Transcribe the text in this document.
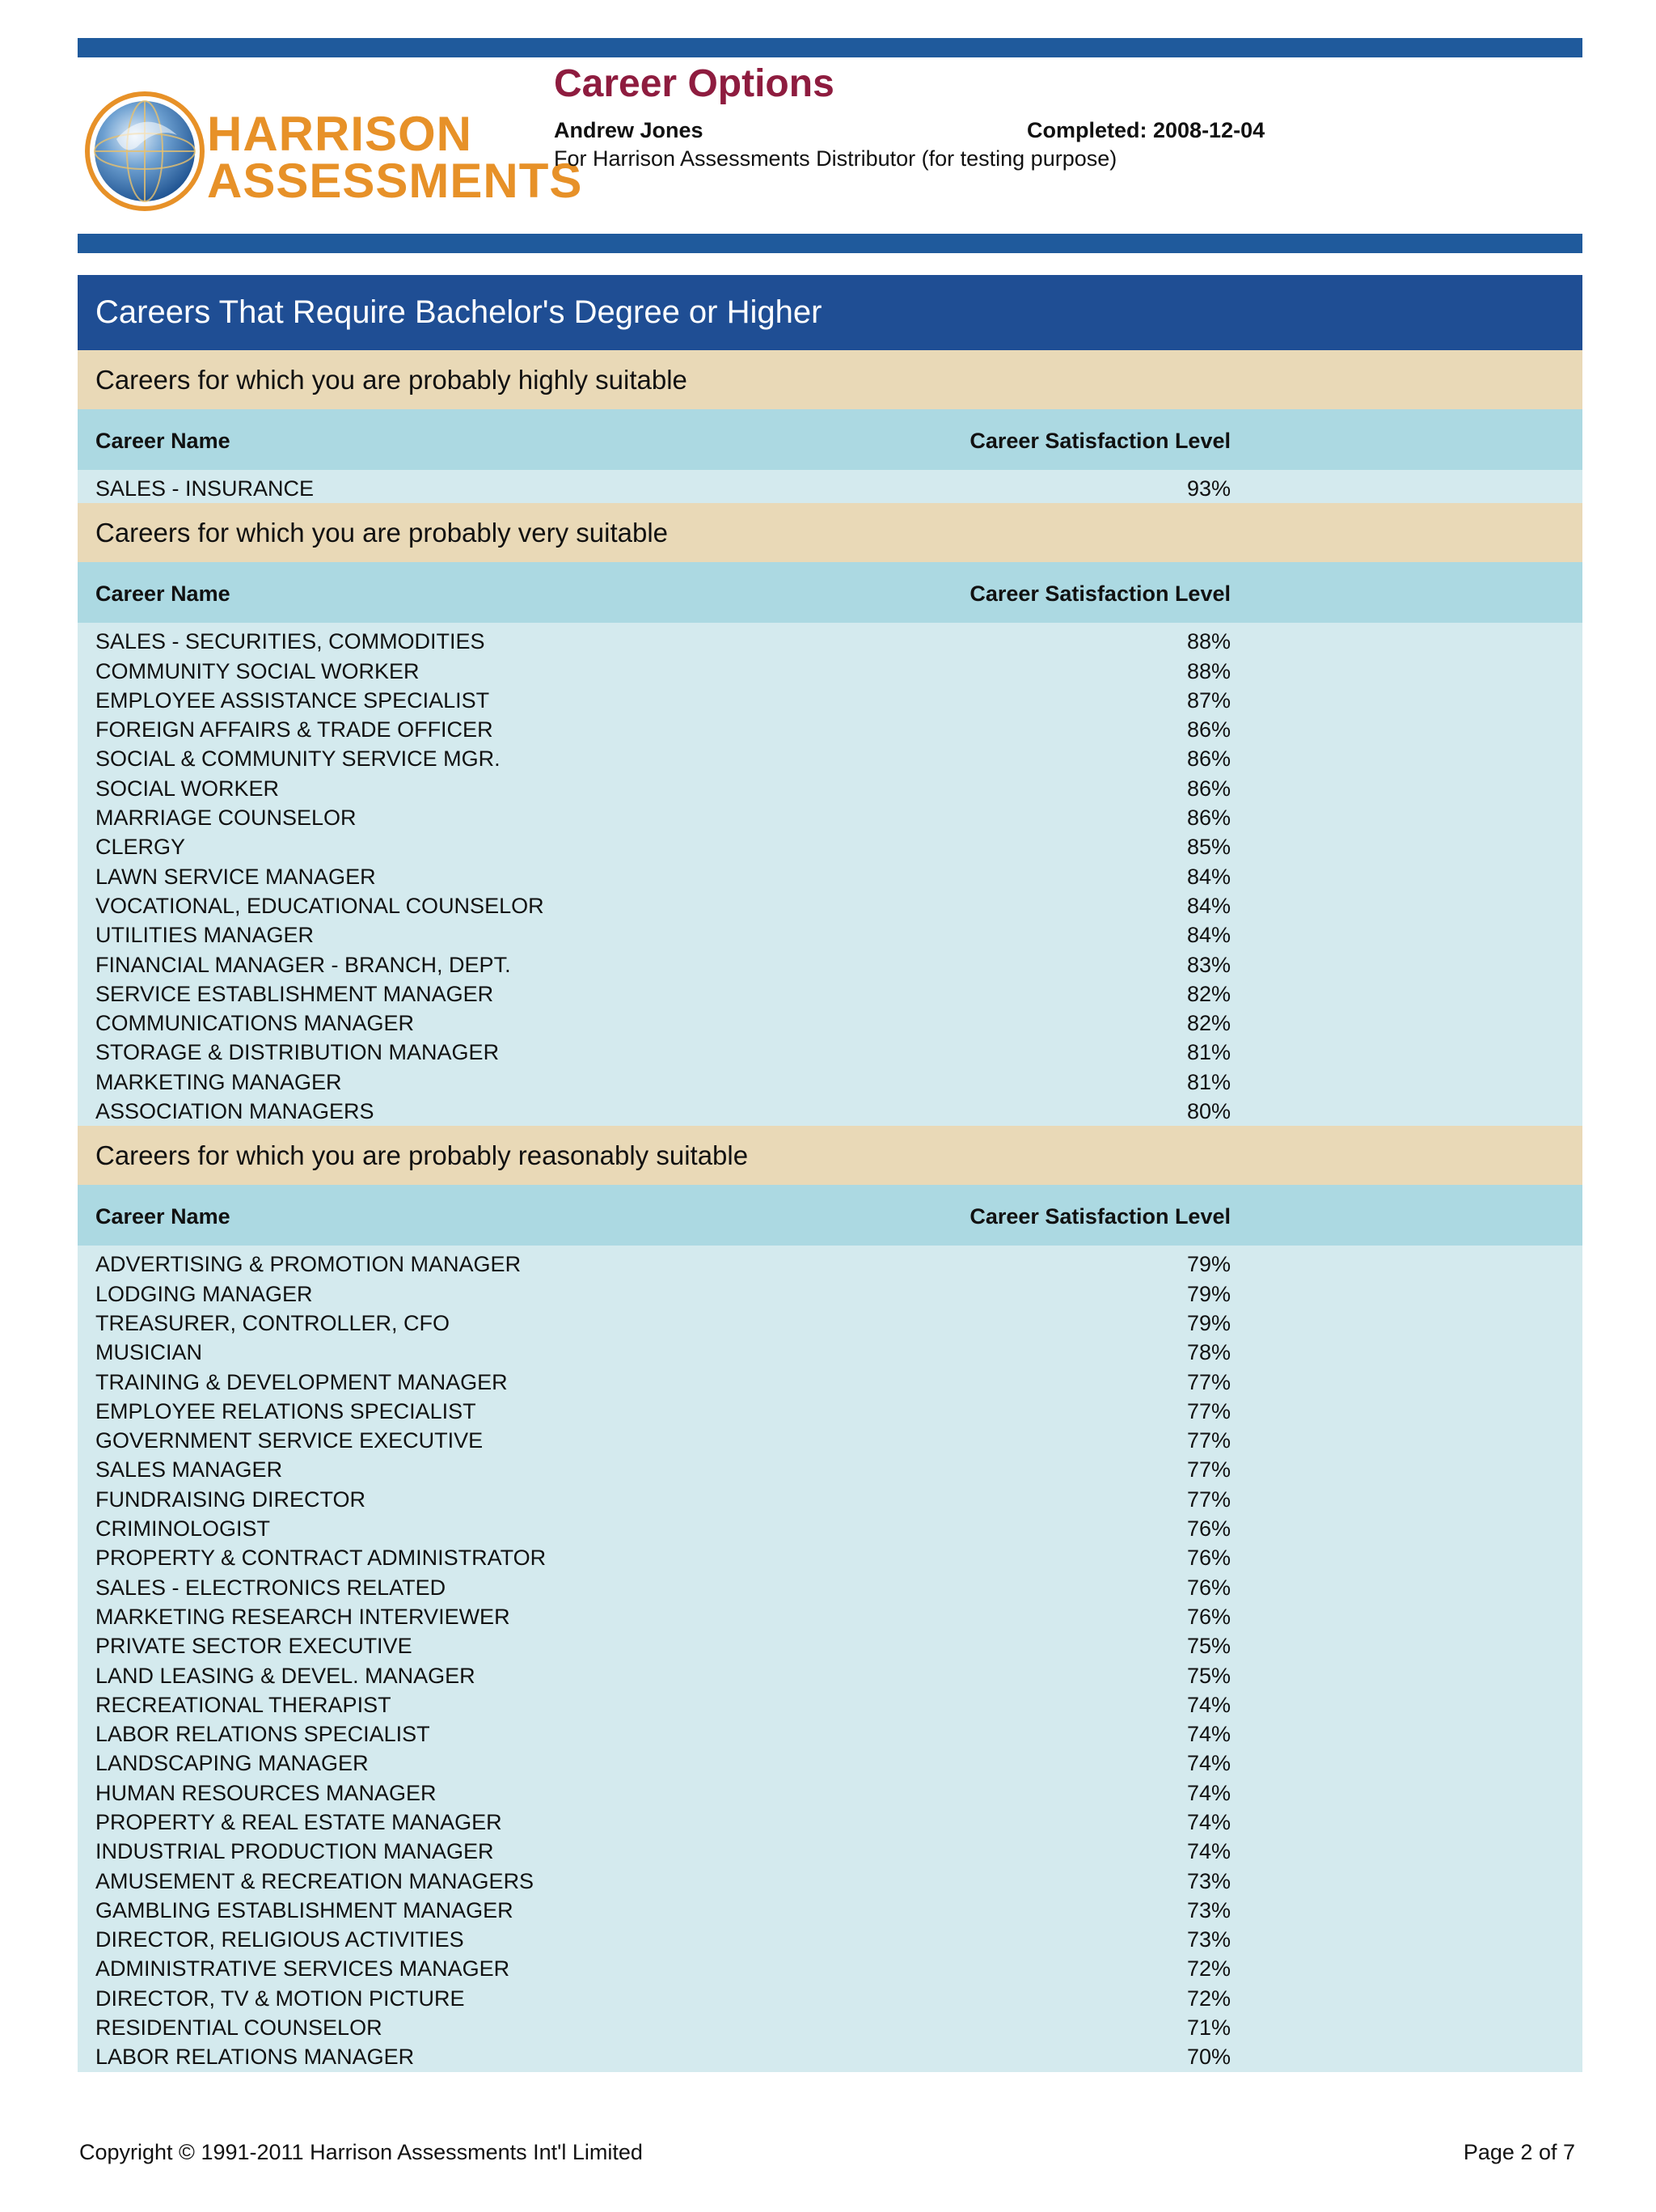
HARRISON
ASSESSMENTS
Career Options
Andrew Jones	Completed: 2008-12-04
For Harrison Assessments Distributor (for testing purpose)
Careers That Require Bachelor's Degree or Higher
Careers for which you are probably highly suitable
Career Name	Career Satisfaction Level
SALES - INSURANCE	93%
Careers for which you are probably very suitable
Career Name	Career Satisfaction Level
SALES - SECURITIES, COMMODITIES	88%
COMMUNITY SOCIAL WORKER	88%
EMPLOYEE ASSISTANCE SPECIALIST	87%
FOREIGN AFFAIRS & TRADE OFFICER	86%
SOCIAL & COMMUNITY SERVICE MGR.	86%
SOCIAL WORKER	86%
MARRIAGE COUNSELOR	86%
CLERGY	85%
LAWN SERVICE MANAGER	84%
VOCATIONAL, EDUCATIONAL COUNSELOR	84%
UTILITIES MANAGER	84%
FINANCIAL MANAGER - BRANCH, DEPT.	83%
SERVICE ESTABLISHMENT MANAGER	82%
COMMUNICATIONS MANAGER	82%
STORAGE & DISTRIBUTION MANAGER	81%
MARKETING MANAGER	81%
ASSOCIATION MANAGERS	80%
Careers for which you are probably reasonably suitable
Career Name	Career Satisfaction Level
ADVERTISING & PROMOTION MANAGER	79%
LODGING MANAGER	79%
TREASURER, CONTROLLER, CFO	79%
MUSICIAN	78%
TRAINING & DEVELOPMENT MANAGER	77%
EMPLOYEE RELATIONS SPECIALIST	77%
GOVERNMENT SERVICE EXECUTIVE	77%
SALES MANAGER	77%
FUNDRAISING DIRECTOR	77%
CRIMINOLOGIST	76%
PROPERTY & CONTRACT ADMINISTRATOR	76%
SALES - ELECTRONICS RELATED	76%
MARKETING RESEARCH INTERVIEWER	76%
PRIVATE SECTOR EXECUTIVE	75%
LAND LEASING & DEVEL. MANAGER	75%
RECREATIONAL THERAPIST	74%
LABOR RELATIONS SPECIALIST	74%
LANDSCAPING MANAGER	74%
HUMAN RESOURCES MANAGER	74%
PROPERTY & REAL ESTATE MANAGER	74%
INDUSTRIAL PRODUCTION MANAGER	74%
AMUSEMENT & RECREATION MANAGERS	73%
GAMBLING ESTABLISHMENT MANAGER	73%
DIRECTOR, RELIGIOUS ACTIVITIES	73%
ADMINISTRATIVE SERVICES MANAGER	72%
DIRECTOR, TV & MOTION PICTURE	72%
RESIDENTIAL COUNSELOR	71%
LABOR RELATIONS MANAGER	70%
Copyright © 1991-2011 Harrison Assessments Int'l Limited	Page 2 of 7
